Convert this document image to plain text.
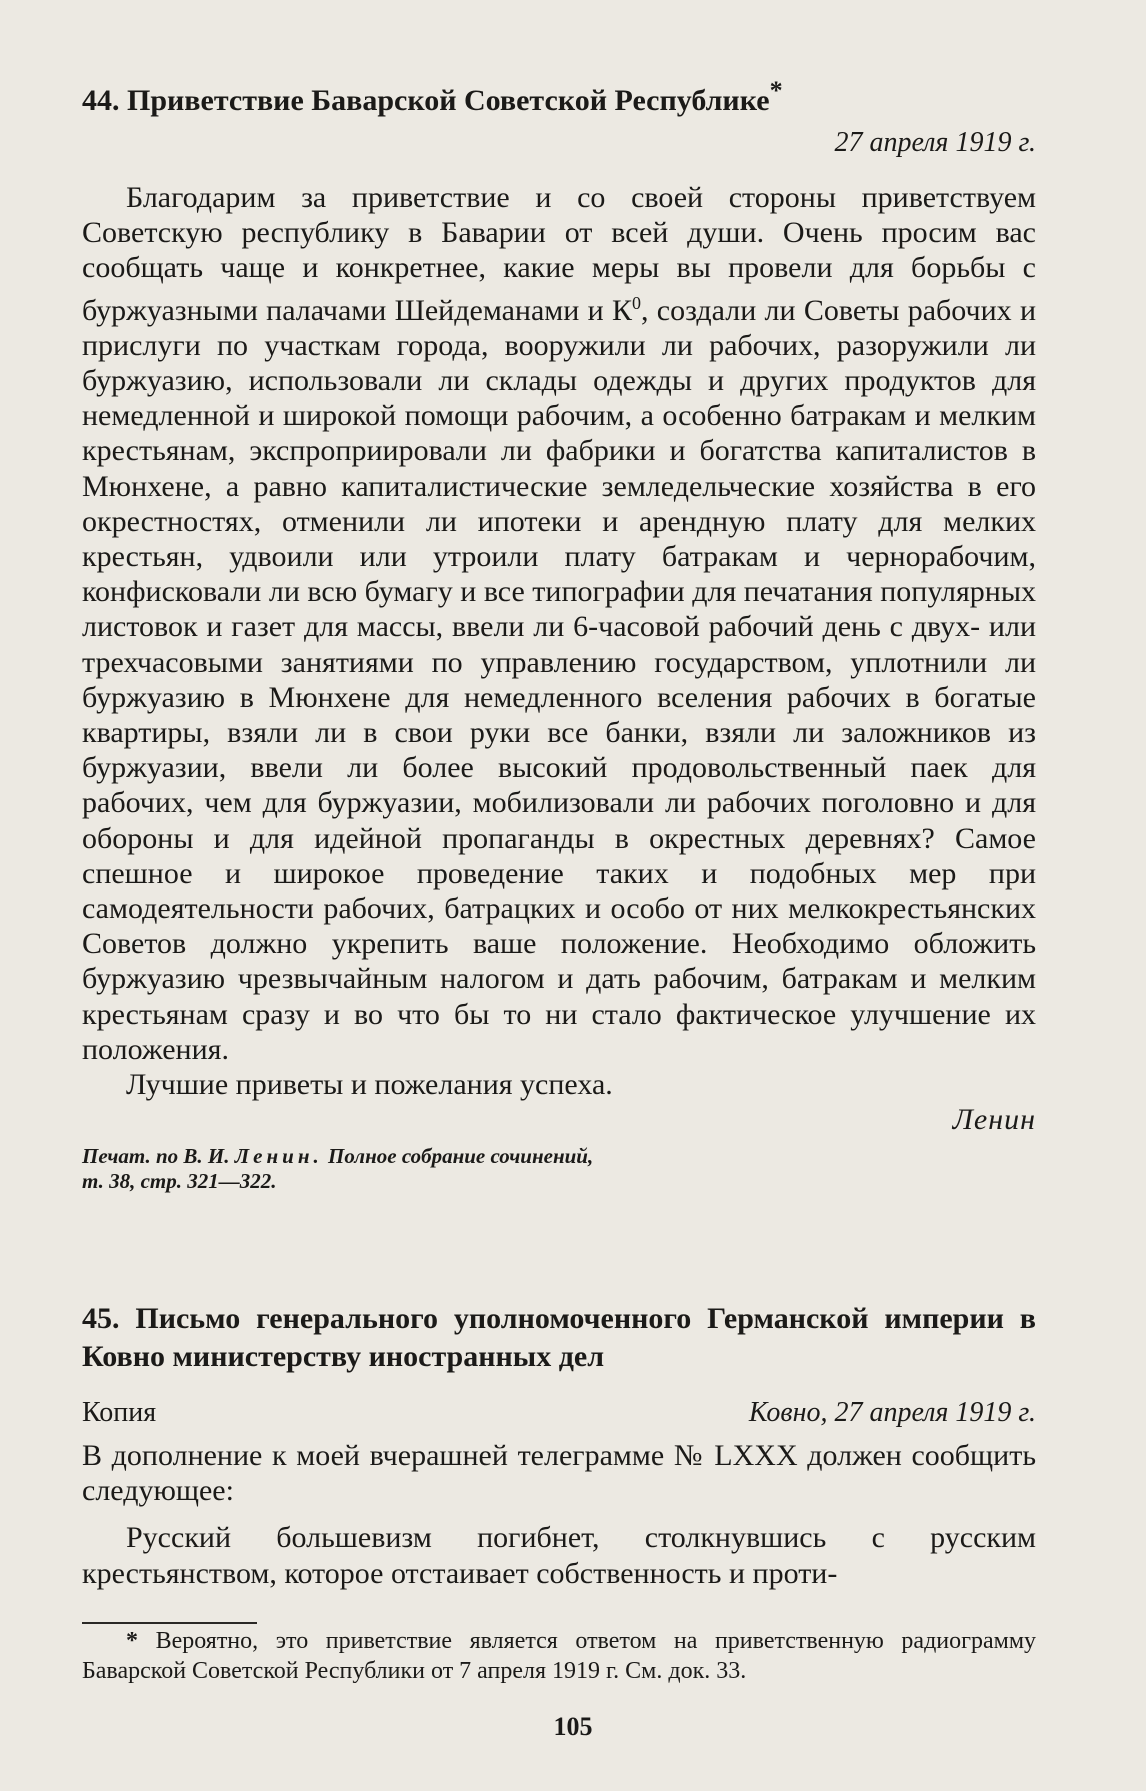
44. Приветствие Баварской Советской Республике*
27 апреля 1919 г.

Благодарим за приветствие и со своей стороны приветствуем Советскую республику в Баварии от всей души. Очень просим вас сообщать чаще и конкретнее, какие меры вы провели для борьбы с буржуазными палачами Шейдеманами и $К^0$, создали ли Советы рабочих и прислуги по участкам города, вооружили ли рабочих, разоружили ли буржуазию, использовали ли склады одежды и других продуктов для немедленной и широкой помощи рабочим, а особенно батракам и мелким крестьянам, экспроприировали ли фабрики и богатства капиталистов в Мюнхене, а равно капиталистические земледельческие хозяйства в его окрестностях, отменили ли ипотеки и арендную плату для мелких крестьян, удвоили или утроили плату батракам и чернорабочим, конфисковали ли всю бумагу и все типографии для печатания популярных листовок и газет для массы, ввели ли 6-часовой рабочий день с двух- или трехчасовыми занятиями по управлению государством, уплотнили ли буржуазию в Мюнхене для немедленного вселения рабочих в богатые квартиры, взяли ли в свои руки все банки, взяли ли заложников из буржуазии, ввели ли более высокий продовольственный паек для рабочих, чем для буржуазии, мобилизовали ли рабочих поголовно и для обороны и для идейной пропаганды в окрестных деревнях? Самое спешное и широкое проведение таких и подобных мер при самодеятельности рабочих, батрацких и особо от них мелкокрестьянских Советов должно укрепить ваше положение. Необходимо обложить буржуазию чрезвычайным налогом и дать рабочим, батракам и мелким крестьянам сразу и во что бы то ни стало фактическое улучшение их положения.

Лучшие приветы и пожелания успеха.

Ленин
Печат. по В. И. Ленин. Полное собрание сочинений, т. 38, стр. 321—322.
45. Письмо генерального уполномоченного Германской империи в Ковно министерству иностранных дел
Копия	Ковно, 27 апреля 1919 г.

В дополнение к моей вчерашней телеграмме № LXXX должен сообщить следующее:

Русский большевизм погибнет, столкнувшись с русским крестьянством, которое отстаивает собственность и проти-

* Вероятно, это приветствие является ответом на приветственную радиограмму Баварской Советской Республики от 7 апреля 1919 г. См. док. 33.
105
